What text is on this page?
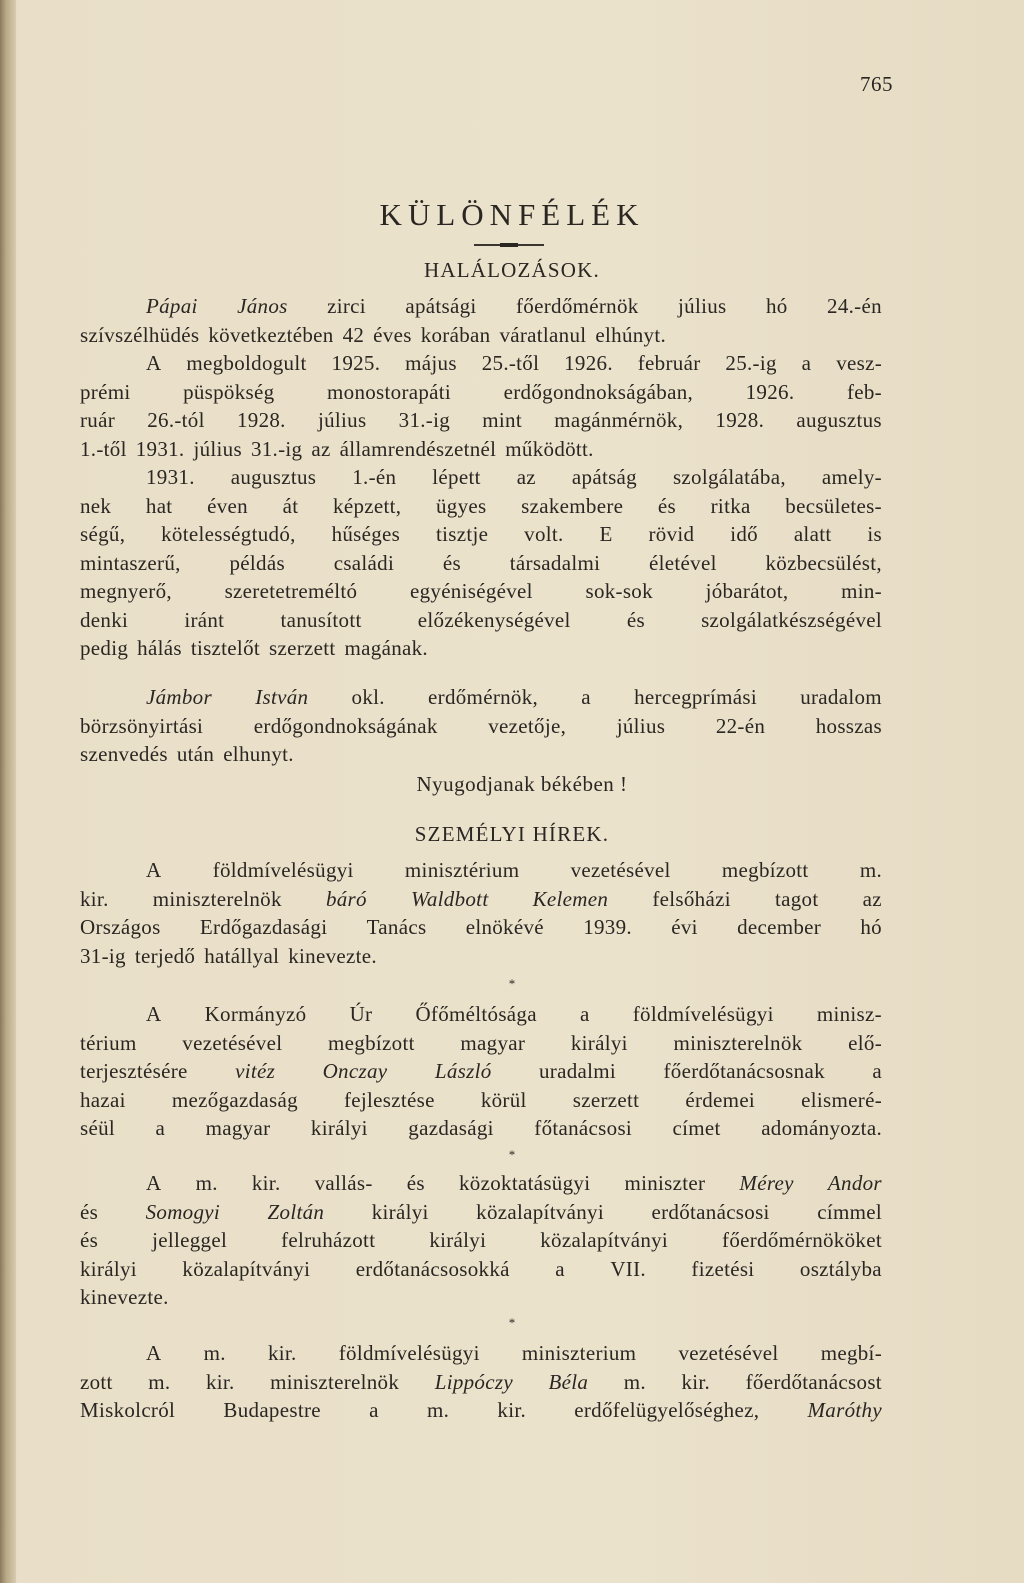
765
KÜLÖNFÉLÉK
HALÁLOZÁSOK.
Pápai János zirci apátsági főerdőmérnök július hó 24.-én
szívszélhüdés következtében 42 éves korában váratlanul elhúnyt.
A megboldogult 1925. május 25.-től 1926. február 25.-ig a vesz-
prémi	püspökség	monostorapáti	erdőgondnokságában,	1926.	feb-
ruár 26.-tól 1928. július 31.-ig mint magánmérnök, 1928. augusztus
1.-től 1931. július 31.-ig az államrendészetnél működött.
1931. augusztus 1.-én lépett az apátság szolgálatába, amely-
nek hat éven át képzett, ügyes szakembere és ritka becsületes-
ségű, kötelességtudó, hűséges tisztje volt. E rövid idő alatt is
mintaszerű, példás családi és társadalmi életével közbecsülést,
megnyerő,	szeretetreméltó	egyéniségével	sok-sok	jóbarátot,	min-
denki	iránt	tanusított	előzékenységével	és	szolgálatkészségével
pedig hálás tisztelőt szerzett magának.
Jámbor István okl. erdőmérnök, a hercegprímási uradalom
börzsönyirtási erdőgondnokságának vezetője, július 22-én hosszas
szenvedés után elhunyt.
Nyugodjanak békében !
SZEMÉLYI HÍREK.
A földmívelésügyi minisztérium vezetésével megbízott m.
kir. miniszterelnök báró Waldbott Kelemen felsőházi tagot az
Országos Erdőgazdasági Tanács elnökévé 1939. évi december hó
31-ig terjedő hatállyal kinevezte.
*
A Kormányzó Úr Őfőméltósága a földmívelésügyi minisz-
térium vezetésével megbízott magyar királyi miniszterelnök elő-
terjesztésére vitéz Onczay László uradalmi főerdőtanácsosnak a
hazai mezőgazdaság fejlesztése körül szerzett érdemei elismeré-
séül a magyar királyi gazdasági főtanácsosi címet adományozta.
*
A m. kir. vallás- és közoktatásügyi miniszter Mérey Andor
és Somogyi Zoltán királyi közalapítványi erdőtanácsosi címmel
és	jelleggel	felruházott	királyi	közalapítványi	főerdőmérnököket
királyi közalapítványi erdőtanácsosokká a VII. fizetési osztályba
kinevezte.
*
A m. kir. földmívelésügyi miniszterium vezetésével megbí-
zott m. kir. miniszterelnök Lippóczy Béla m. kir. főerdőtanácsost
Miskolcról Budapestre a m. kir. erdőfelügyelőséghez, Maróthy
